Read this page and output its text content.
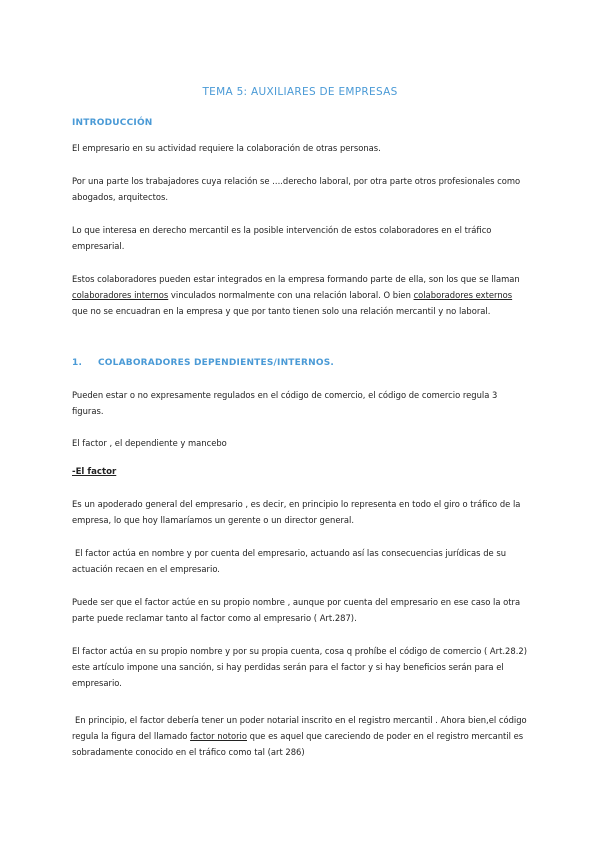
TEMA 5: AUXILIARES DE EMPRESAS
INTRODUCCIÓN
El empresario en su actividad requiere la colaboración de otras personas.
Por una parte los trabajadores cuya relación se ....derecho laboral, por otra parte otros profesionales como abogados, arquitectos.
Lo que interesa en derecho mercantil es la posible intervención de estos colaboradores en el tráfico empresarial.
Estos colaboradores pueden estar integrados en la empresa formando parte de ella, son los que se llaman colaboradores internos vinculados normalmente con una relación laboral. O bien colaboradores externos que no se encuadran en la empresa y que por tanto tienen solo una relación mercantil y no laboral.
1. COLABORADORES DEPENDIENTES/INTERNOS.
Pueden estar o no expresamente regulados en el código de comercio, el código de comercio regula 3 figuras.
El factor , el dependiente y mancebo
-El factor
Es un apoderado general del empresario , es decir, en principio lo representa en todo el giro o tráfico de la empresa, lo que hoy llamaríamos un gerente o un director general.
El factor actúa en nombre y por cuenta del empresario, actuando así las consecuencias jurídicas de su actuación recaen en el empresario.
Puede ser que el factor actúe en su propio nombre , aunque por cuenta del empresario en ese caso la otra parte puede reclamar tanto al factor como al empresario ( Art.287).
El factor actúa en su propio nombre y por su propia cuenta, cosa q prohíbe el código de comercio ( Art.28.2) este artículo impone una sanción, si hay perdidas serán para el factor y si hay beneficios serán para el empresario.
En principio, el factor debería tener un poder notarial inscrito en el registro mercantil . Ahora bien,el código regula la figura del llamado factor notorio que es aquel que careciendo de poder en el registro mercantil es sobradamente conocido en el tráfico como tal (art 286)
